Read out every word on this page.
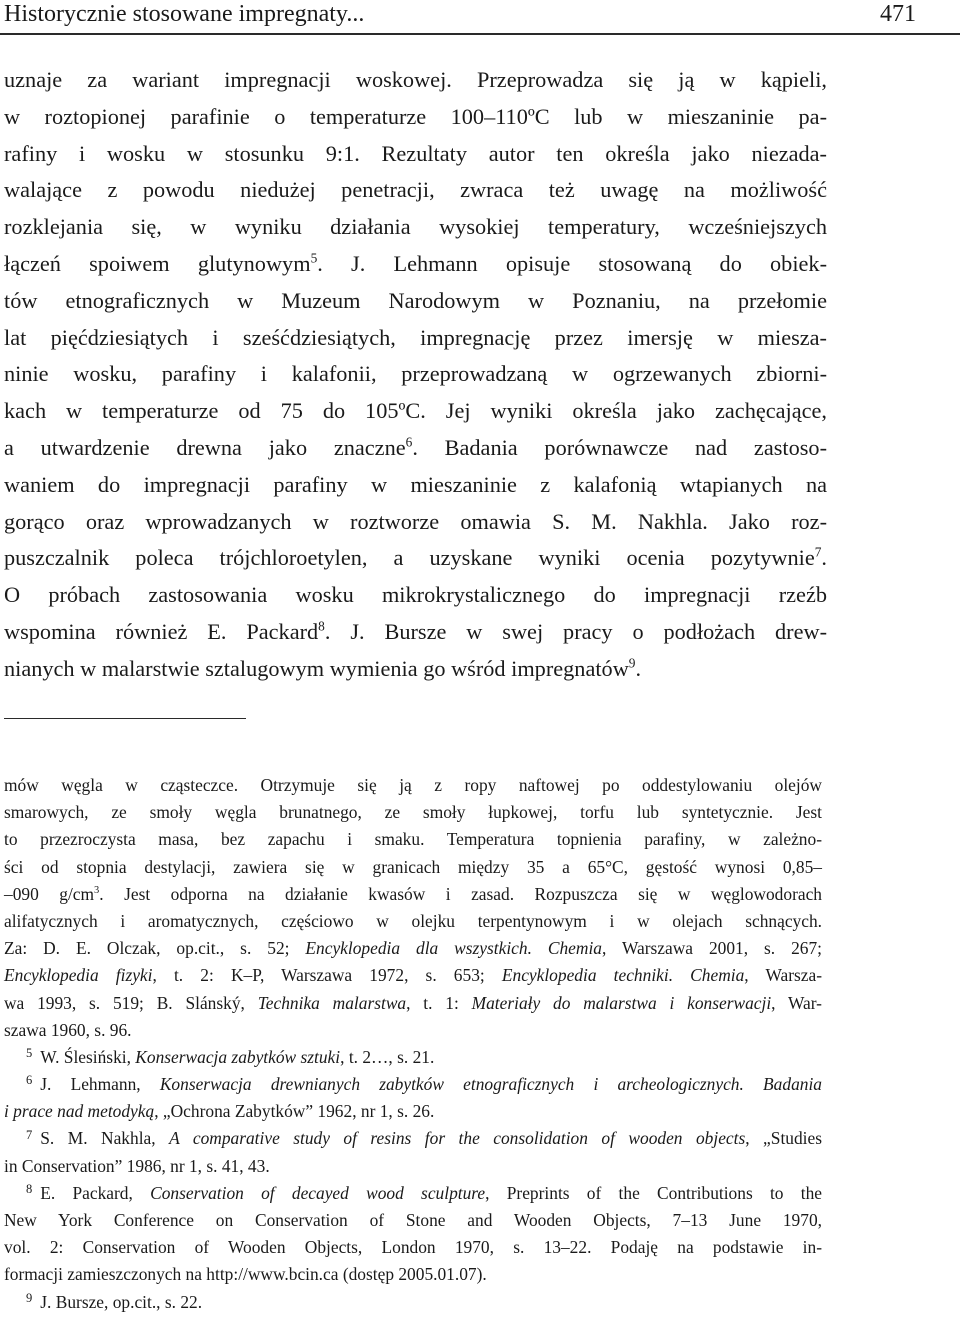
Historycznie stosowane impregnaty...	471
uznaje za wariant impregnacji woskowej. Przeprowadza się ją w kąpieli,
w roztopionej parafinie o temperaturze 100–110ºC lub w mieszaninie pa-
rafiny i wosku w stosunku 9:1. Rezultaty autor ten określa jako niezada-
walające z powodu niedużej penetracji, zwraca też uwagę na możliwość
rozklejania się, w wyniku działania wysokiej temperatury, wcześniejszych
łączeń spoiwem glutynowym$^5$. J. Lehmann opisuje stosowaną do obiek-
tów etnograficznych w Muzeum Narodowym w Poznaniu, na przełomie
lat pięćdziesiątych i sześćdziesiątych, impregnację przez imersję w miesza-
ninie wosku, parafiny i kalafonii, przeprowadzaną w ogrzewanych zbiorni-
kach w temperaturze od 75 do 105ºC. Jej wyniki określa jako zachęcające,
a utwardzenie drewna jako znaczne$^6$. Badania porównawcze nad zastoso-
waniem do impregnacji parafiny w mieszaninie z kalafonią wtapianych na
gorąco oraz wprowadzanych w roztworze omawia S. M. Nakhla. Jako roz-
puszczalnik poleca trójchloroetylen, a uzyskane wyniki ocenia pozytywnie$^7$.
O próbach zastosowania wosku mikrokrystalicznego do impregnacji rzeźb
wspomina również E. Packard$^8$. J. Bursze w swej pracy o podłożach drew-
nianych w malarstwie sztalugowym wymienia go wśród impregnatów$^9$.
mów węgla w cząsteczce. Otrzymuje się ją z ropy naftowej po oddestylowaniu olejów
smarowych, ze smoły węgla brunatnego, ze smoły łupkowej, torfu lub syntetycznie. Jest
to przezroczysta masa, bez zapachu i smaku. Temperatura topnienia parafiny, w zależno-
ści od stopnia destylacji, zawiera się w granicach między 35 a 65°C, gęstość wynosi 0,85–
–090 $g/cm^3$. Jest odporna na działanie kwasów i zasad. Rozpuszcza się w węglowodorach
alifatycznych i aromatycznych, częściowo w olejku terpentynowym i w olejach schnących.
Za: D. E. Olczak, op.cit., s. 52; Encyklopedia dla wszystkich. Chemia, Warszawa 2001, s. 267;
Encyklopedia fizyki, t. 2: K–P, Warszawa 1972, s. 653; Encyklopedia techniki. Chemia, Warsza-
wa 1993, s. 519; B. Slánský, Technika malarstwa, t. 1: Materiały do malarstwa i konserwacji, War-
szawa 1960, s. 96.
$^5$ W. Ślesiński, Konserwacja zabytków sztuki, t. 2…, s. 21.
$^6$ J. Lehmann, Konserwacja drewnianych zabytków etnograficznych i archeologicznych. Badania
i prace nad metodyką, „Ochrona Zabytków” 1962, nr 1, s. 26.
$^7$ S. M. Nakhla, A comparative study of resins for the consolidation of wooden objects, „Studies
in Conservation” 1986, nr 1, s. 41, 43.
$^8$ E. Packard, Conservation of decayed wood sculpture, Preprints of the Contributions to the
New York Conference on Conservation of Stone and Wooden Objects, 7–13 June 1970,
vol. 2: Conservation of Wooden Objects, London 1970, s. 13–22. Podaję na podstawie in-
formacji zamieszczonych na http://www.bcin.ca (dostęp 2005.01.07).
$^9$ J. Bursze, op.cit., s. 22.
